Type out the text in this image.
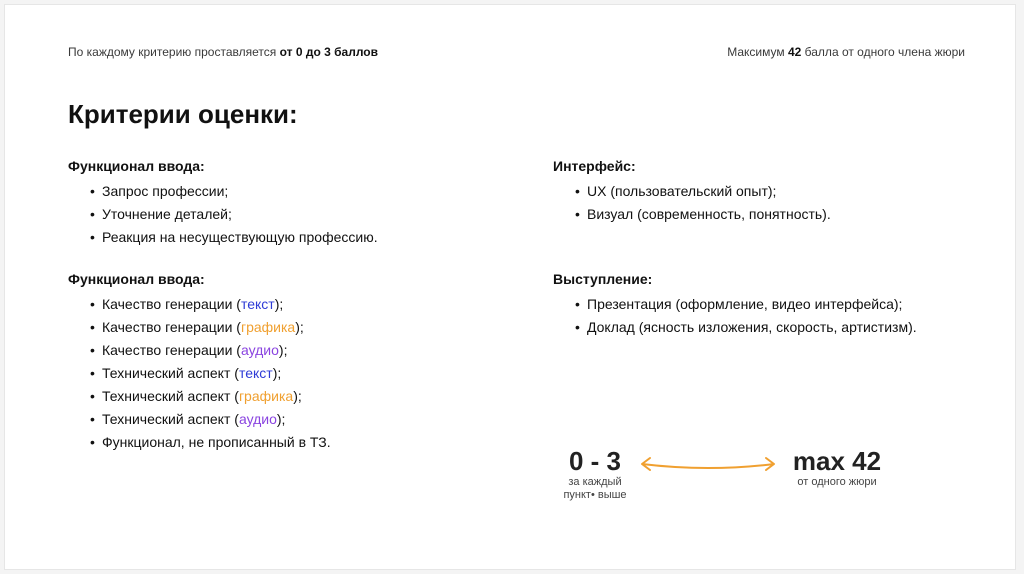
По каждому критерию проставляется от 0 до 3 баллов	Максимум 42 балла от одного члена жюри
Критерии оценки:
Функционал ввода:
• Запрос профессии;
• Уточнение деталей;
• Реакция на несуществующую профессию.
Функционал ввода:
• Качество генерации (текст);
• Качество генерации (графика);
• Качество генерации (аудио);
• Технический аспект (текст);
• Технический аспект (графика);
• Технический аспект (аудио);
• Функционал, не прописанный в ТЗ.
Интерфейс:
• UX (пользовательский опыт);
• Визуал (современность, понятность).
Выступление:
• Презентация (оформление, видео интерфейса);
• Доклад (ясность изложения, скорость, артистизм).
0 - 3
за каждый
пункт• выше
max 42
от одного жюри
